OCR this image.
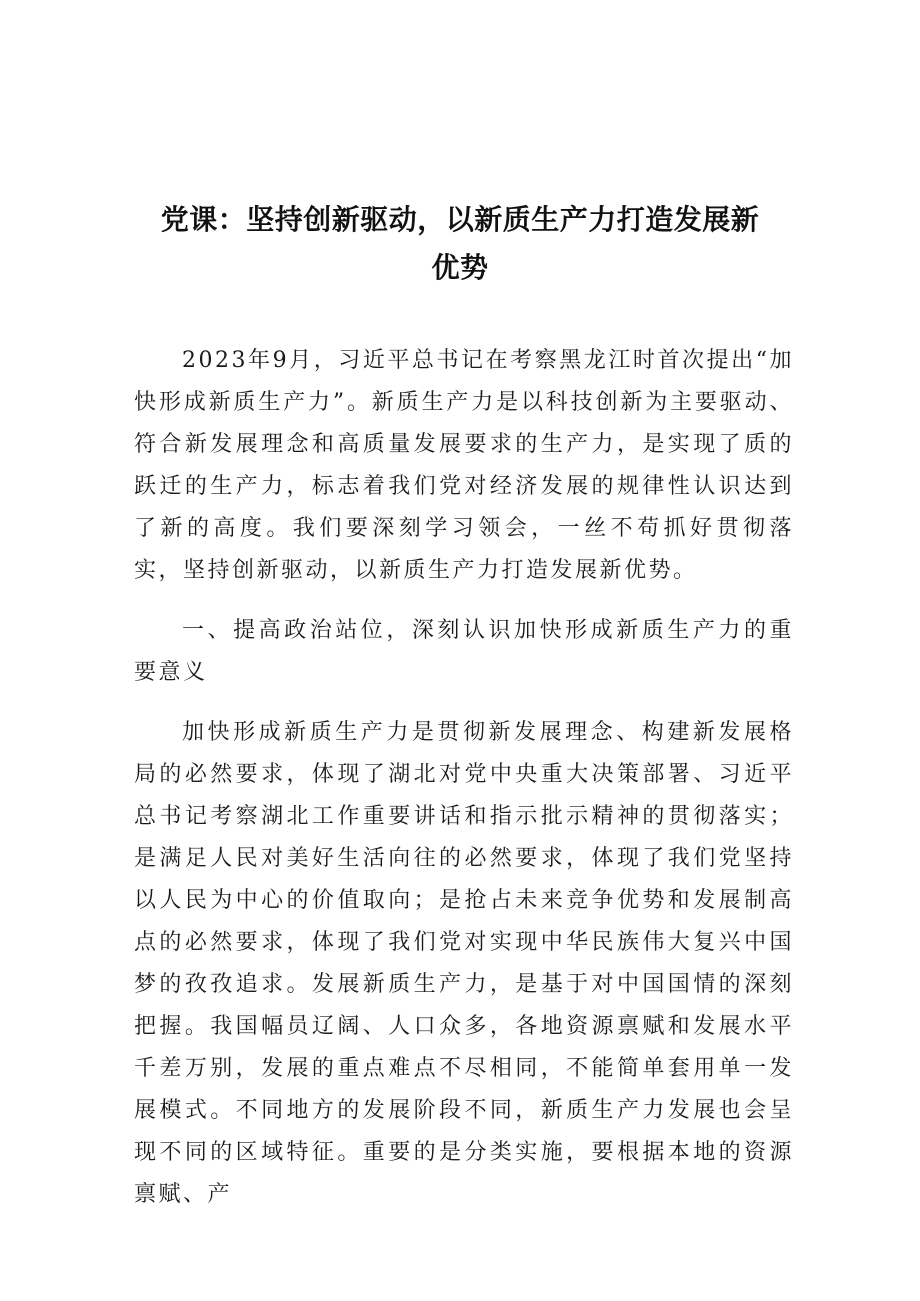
党课：坚持创新驱动，以新质生产力打造发展新优势

2023年9月，习近平总书记在考察黑龙江时首次提出“加快形成新质生产力”。新质生产力是以科技创新为主要驱动、符合新发展理念和高质量发展要求的生产力，是实现了质的跃迁的生产力，标志着我们党对经济发展的规律性认识达到了新的高度。我们要深刻学习领会，一丝不苟抓好贯彻落实，坚持创新驱动，以新质生产力打造发展新优势。

一、提高政治站位，深刻认识加快形成新质生产力的重要意义

加快形成新质生产力是贯彻新发展理念、构建新发展格局的必然要求，体现了湖北对党中央重大决策部署、习近平总书记考察湖北工作重要讲话和指示批示精神的贯彻落实；是满足人民对美好生活向往的必然要求，体现了我们党坚持以人民为中心的价值取向；是抢占未来竞争优势和发展制高点的必然要求，体现了我们党对实现中华民族伟大复兴中国梦的孜孜追求。发展新质生产力，是基于对中国国情的深刻把握。我国幅员辽阔、人口众多，各地资源禀赋和发展水平千差万别，发展的重点难点不尽相同，不能简单套用单一发展模式。不同地方的发展阶段不同，新质生产力发展也会呈现不同的区域特征。重要的是分类实施，要根据本地的资源禀赋、产
